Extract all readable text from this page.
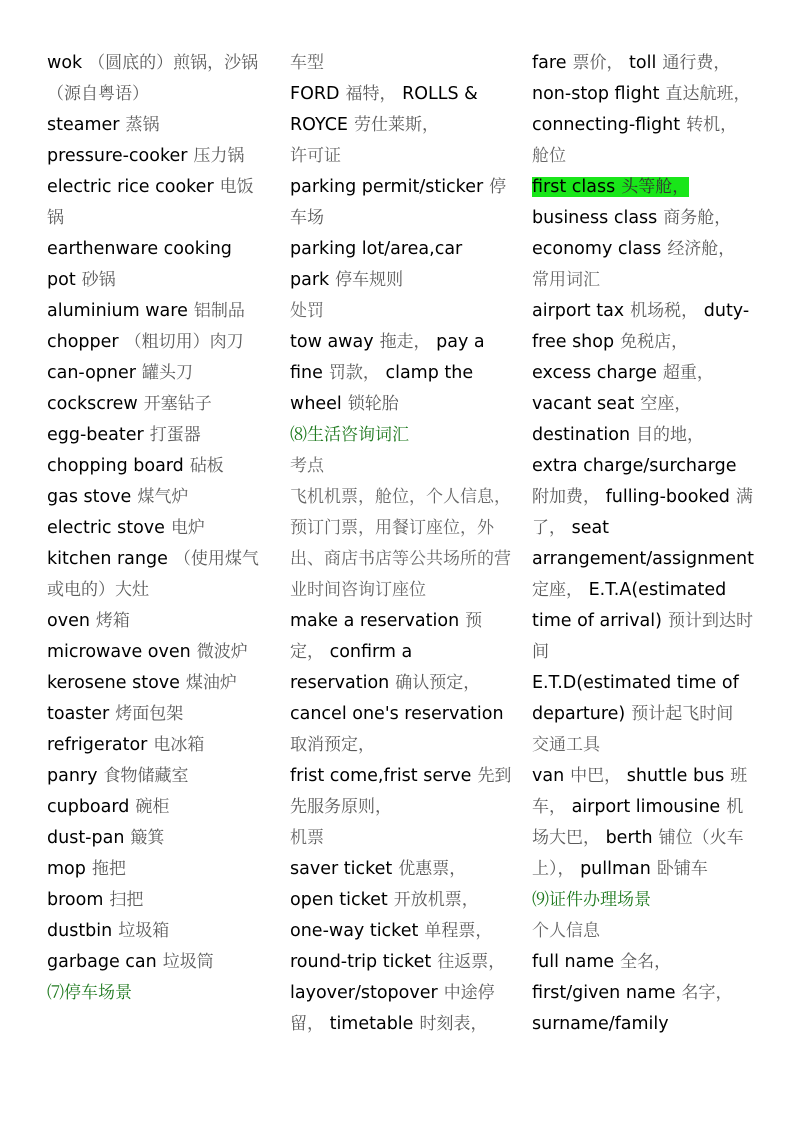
wok （圆底的）煎锅，沙锅（源自粤语）
steamer 蒸锅
pressure-cooker 压力锅
electric rice cooker 电饭锅
earthenware cooking pot 砂锅
aluminium ware 铝制品
chopper （粗切用）肉刀
can-opner 罐头刀
cockscrew 开塞钻子
egg-beater 打蛋器
chopping board 砧板
gas stove 煤气炉
electric stove 电炉
kitchen range （使用煤气或电的）大灶
oven 烤箱
microwave oven 微波炉
kerosene stove 煤油炉
toaster 烤面包架
refrigerator 电冰箱
panry 食物储藏室
cupboard 碗柜
dust-pan 簸箕
mop 拖把
broom 扫把
dustbin 垃圾箱
garbage can 垃圾筒
⑺停车场景
车型
FORD 福特， ROLLS & ROYCE 劳仕莱斯，
许可证
parking permit/sticker 停车场
parking lot/area,car park 停车规则
处罚
tow away 拖走， pay a fine 罚款， clamp the wheel 锁轮胎
⑻生活咨询词汇
考点
飞机机票，舱位，个人信息，预订门票，用餐订座位，外出、商店书店等公共场所的营业时间咨询订座位
make a reservation 预定， confirm a reservation 确认预定， cancel one's reservation取消预定，
frist come,frist serve 先到先服务原则，
机票
saver ticket 优惠票，
open ticket 开放机票，
one-way ticket 单程票，
round-trip ticket 往返票，
layover/stopover 中途停留， timetable 时刻表，
fare 票价， toll 通行费，
non-stop flight 直达航班， connecting-flight 转机，
舱位
first class 头等舱，
business class 商务舱，
economy class 经济舱，
常用词汇
airport tax 机场税， duty-free shop 免税店，
excess charge 超重，
vacant seat 空座，
destination 目的地，
extra charge/surcharge附加费， fulling-booked 满了， seat arrangement/assignment定座， E.T.A(estimated time of arrival) 预计到达时间
E.T.D(estimated time of departure) 预计起飞时间
交通工具
van 中巴， shuttle bus 班车， airport limousine 机场大巴， berth 铺位（火车上）， pullman 卧铺车
⑼证件办理场景
个人信息
full name 全名， first/given name 名字， surname/family
